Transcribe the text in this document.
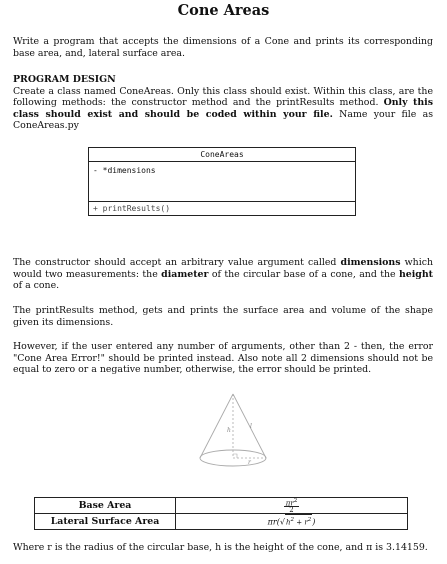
Cone Areas
Write a program that accepts the dimensions of a Cone and prints its corresponding base area, and, lateral surface area.
PROGRAM DESIGN
Create a class named ConeAreas. Only this class should exist. Within this class, are the following methods: the constructor method and the printResults method. Only this class should exist and should be coded within your file. Name your file as ConeAreas.py
ConeAreas
- *dimensions
+ printResults()
The constructor should accept an arbitrary value argument called dimensions which would two measurements: the diameter of the circular base of a cone, and the height of a cone.
The printResults method, gets and prints the surface area and volume of the shape given its dimensions.
However, if the user entered any number of arguments, other than 2 - then, the error "Cone Area Error!" should be printed instead. Also note all 2 dimensions should not be equal to zero or a negative number, otherwise, the error should be printed.
h
l
r
Base Area	$\frac{\pi r^2}{2}$

Lateral Surface Area	$\pi r(√h^2 + r^2)$
Where r is the radius of the circular base, h is the height of the cone, and π is 3.14159.
